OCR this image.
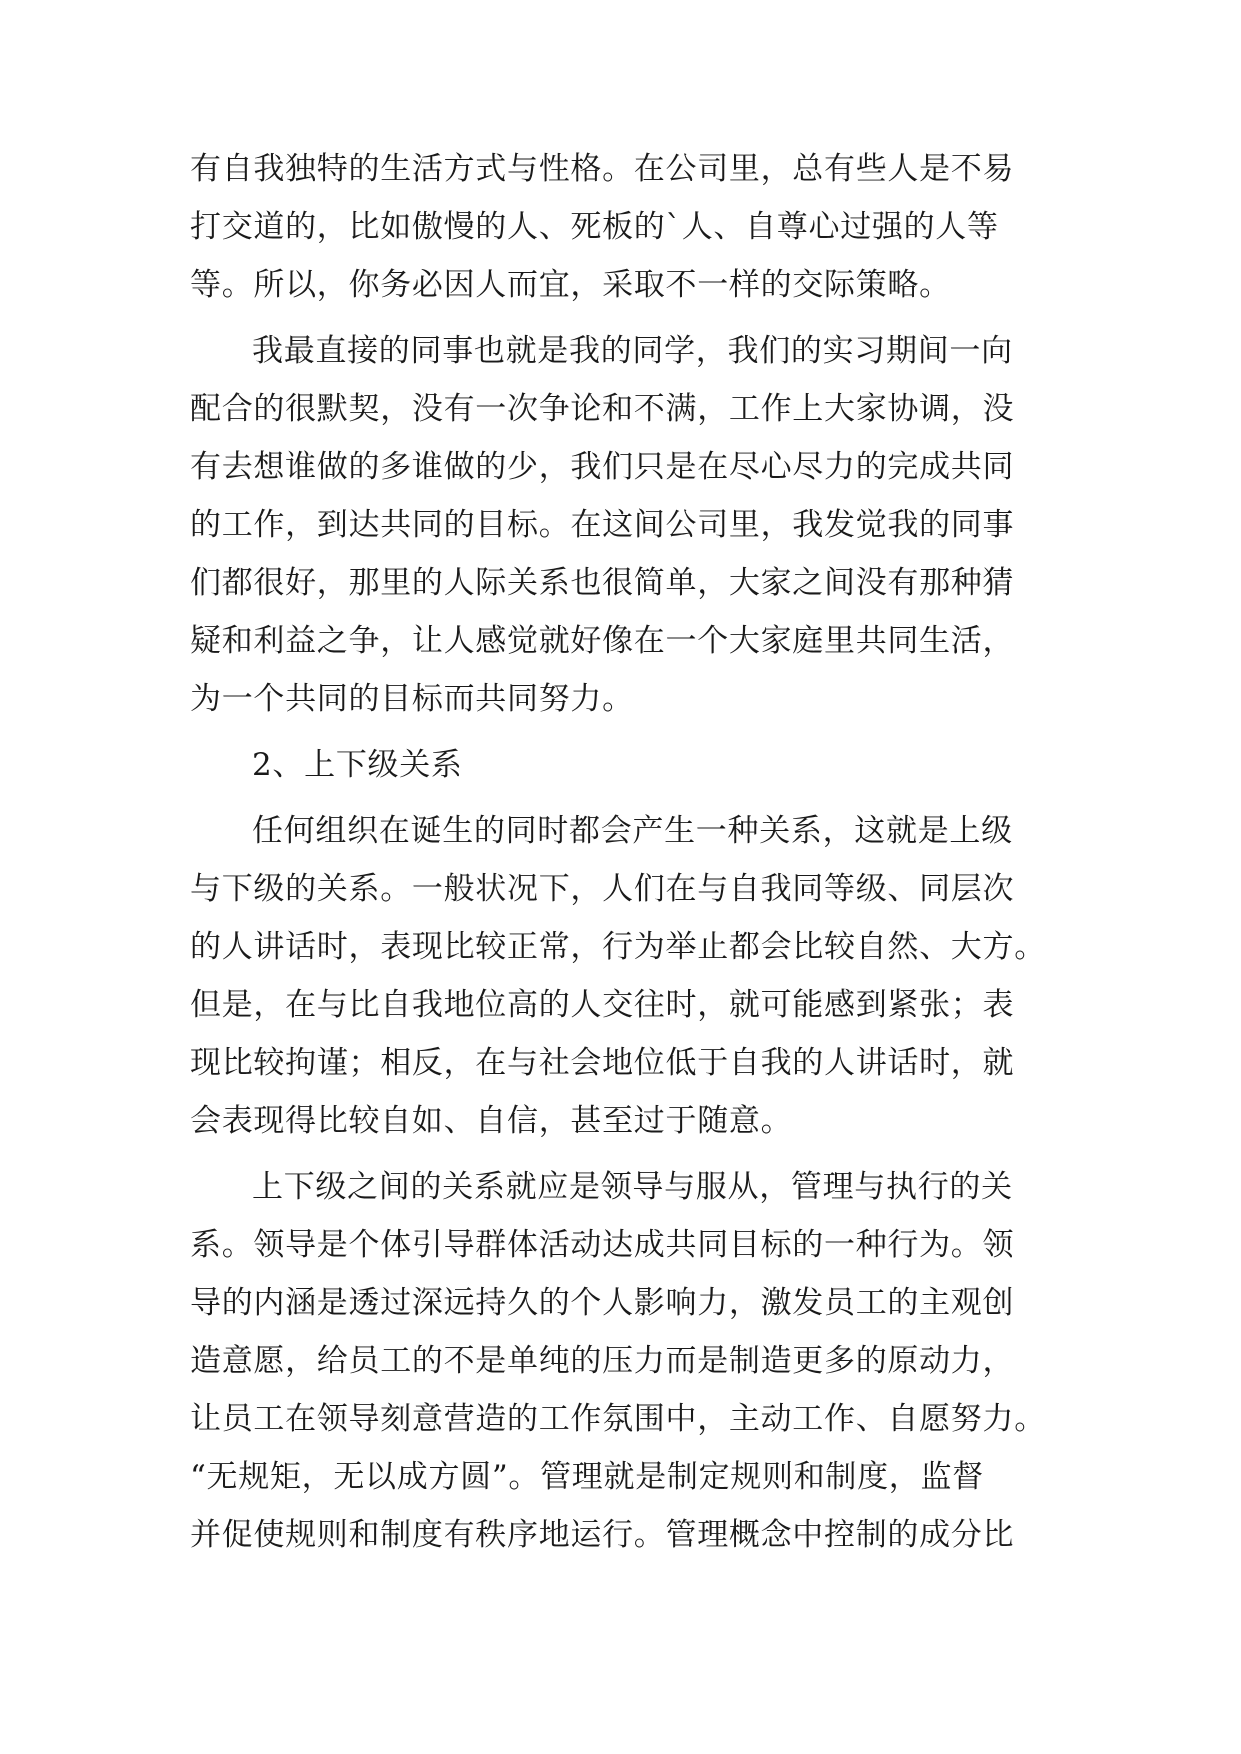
有自我独特的生活方式与性格。在公司里，总有些人是不易
打交道的，比如傲慢的人、死板的`人、自尊心过强的人等
等。所以，你务必因人而宜，采取不一样的交际策略。
我最直接的同事也就是我的同学，我们的实习期间一向
配合的很默契，没有一次争论和不满，工作上大家协调，没
有去想谁做的多谁做的少，我们只是在尽心尽力的完成共同
的工作，到达共同的目标。在这间公司里，我发觉我的同事
们都很好，那里的人际关系也很简单，大家之间没有那种猜
疑和利益之争，让人感觉就好像在一个大家庭里共同生活，
为一个共同的目标而共同努力。
2、上下级关系
任何组织在诞生的同时都会产生一种关系，这就是上级
与下级的关系。一般状况下，人们在与自我同等级、同层次
的人讲话时，表现比较正常，行为举止都会比较自然、大方。
但是，在与比自我地位高的人交往时，就可能感到紧张；表
现比较拘谨；相反，在与社会地位低于自我的人讲话时，就
会表现得比较自如、自信，甚至过于随意。
上下级之间的关系就应是领导与服从，管理与执行的关
系。领导是个体引导群体活动达成共同目标的一种行为。领
导的内涵是透过深远持久的个人影响力，激发员工的主观创
造意愿，给员工的不是单纯的压力而是制造更多的原动力，
让员工在领导刻意营造的工作氛围中，主动工作、自愿努力。
“无规矩，无以成方圆”。管理就是制定规则和制度，监督
并促使规则和制度有秩序地运行。管理概念中控制的成分比
